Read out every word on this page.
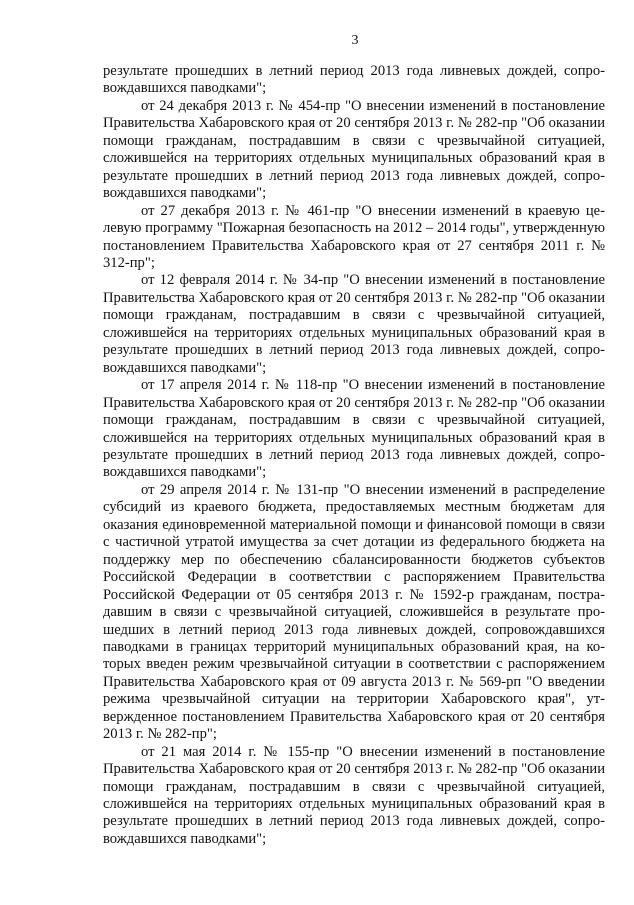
3

результате прошедших в летний период 2013 года ливневых дождей, сопровождавшихся паводками";

от 24 декабря 2013 г. № 454-пр "О внесении изменений в постановление Правительства Хабаровского края от 20 сентября 2013 г. № 282-пр "Об оказании помощи гражданам, пострадавшим в связи с чрезвычайной ситуацией, сложившейся на территориях отдельных муниципальных образований края в результате прошедших в летний период 2013 года ливневых дождей, сопровождавшихся паводками";

от 27 декабря 2013 г. № 461-пр "О внесении изменений в краевую целевую программу "Пожарная безопасность на 2012 – 2014 годы", утвержденную постановлением Правительства Хабаровского края от 27 сентября 2011 г. № 312-пр";

от 12 февраля 2014 г. № 34-пр "О внесении изменений в постановление Правительства Хабаровского края от 20 сентября 2013 г. № 282-пр "Об оказании помощи гражданам, пострадавшим в связи с чрезвычайной ситуацией, сложившейся на территориях отдельных муниципальных образований края в результате прошедших в летний период 2013 года ливневых дождей, сопровождавшихся паводками";

от 17 апреля 2014 г. № 118-пр "О внесении изменений в постановление Правительства Хабаровского края от 20 сентября 2013 г. № 282-пр "Об оказании помощи гражданам, пострадавшим в связи с чрезвычайной ситуацией, сложившейся на территориях отдельных муниципальных образований края в результате прошедших в летний период 2013 года ливневых дождей, сопровождавшихся паводками";

от 29 апреля 2014 г. № 131-пр "О внесении изменений в распределение субсидий из краевого бюджета, предоставляемых местным бюджетам для оказания единовременной материальной помощи и финансовой помощи в связи с частичной утратой имущества за счет дотации из федерального бюджета на поддержку мер по обеспечению сбалансированности бюджетов субъектов Российской Федерации в соответствии с распоряжением Правительства Российской Федерации от 05 сентября 2013 г. № 1592-р гражданам, пострадавшим в связи с чрезвычайной ситуацией, сложившейся в результате прошедших в летний период 2013 года ливневых дождей, сопровождавшихся паводками в границах территорий муниципальных образований края, на которых введен режим чрезвычайной ситуации в соответствии с распоряжением Правительства Хабаровского края от 09 августа 2013 г. № 569-рп "О введении режима чрезвычайной ситуации на территории Хабаровского края", утвержденное постановлением Правительства Хабаровского края от 20 сентября 2013 г. № 282-пр";

от 21 мая 2014 г. № 155-пр "О внесении изменений в постановление Правительства Хабаровского края от 20 сентября 2013 г. № 282-пр "Об оказании помощи гражданам, пострадавшим в связи с чрезвычайной ситуацией, сложившейся на территориях отдельных муниципальных образований края в результате прошедших в летний период 2013 года ливневых дождей, сопровождавшихся паводками";
